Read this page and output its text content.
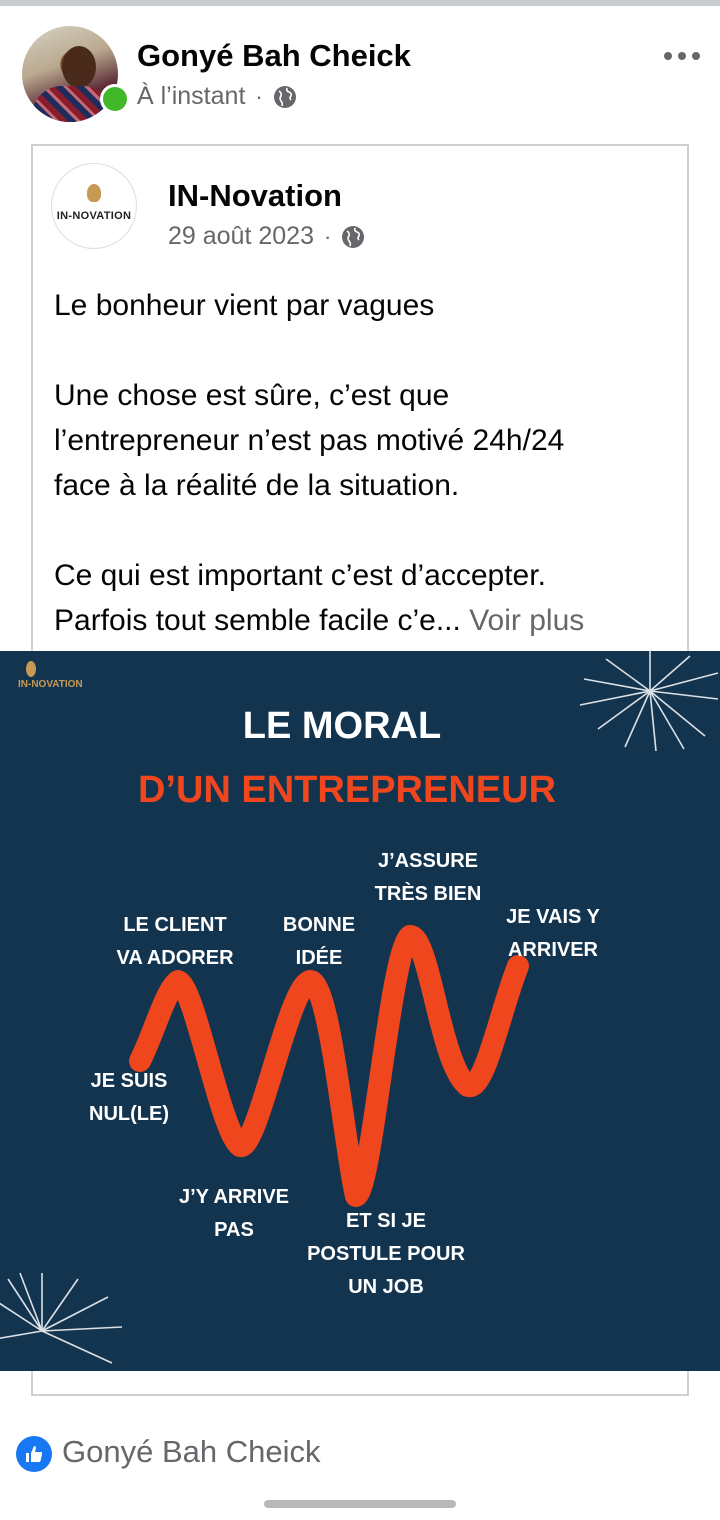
Gonyé Bah Cheick
À l’instant ·
IN-NOVATION
IN-Novation
29 août 2023 ·

Le bonheur vient par vagues

Une chose est sûre, c’est que

l’entrepreneur n’est pas motivé 24h/24

face à la réalité de la situation.

Ce qui est important c’est d’accepter.

Parfois tout semble facile c’e... Voir plus

IN-NOVATION
LE MORAL
D’UN ENTREPRENEUR
LE CLIENT
VA ADORER
BONNE
IDÉE
J’ASSURE
TRÈS BIEN
JE VAIS Y
ARRIVER
JE SUIS
NUL(LE)
J’Y ARRIVE
PAS	ET SI JE
POSTULE POUR
UN JOB
Gonyé Bah Cheick
